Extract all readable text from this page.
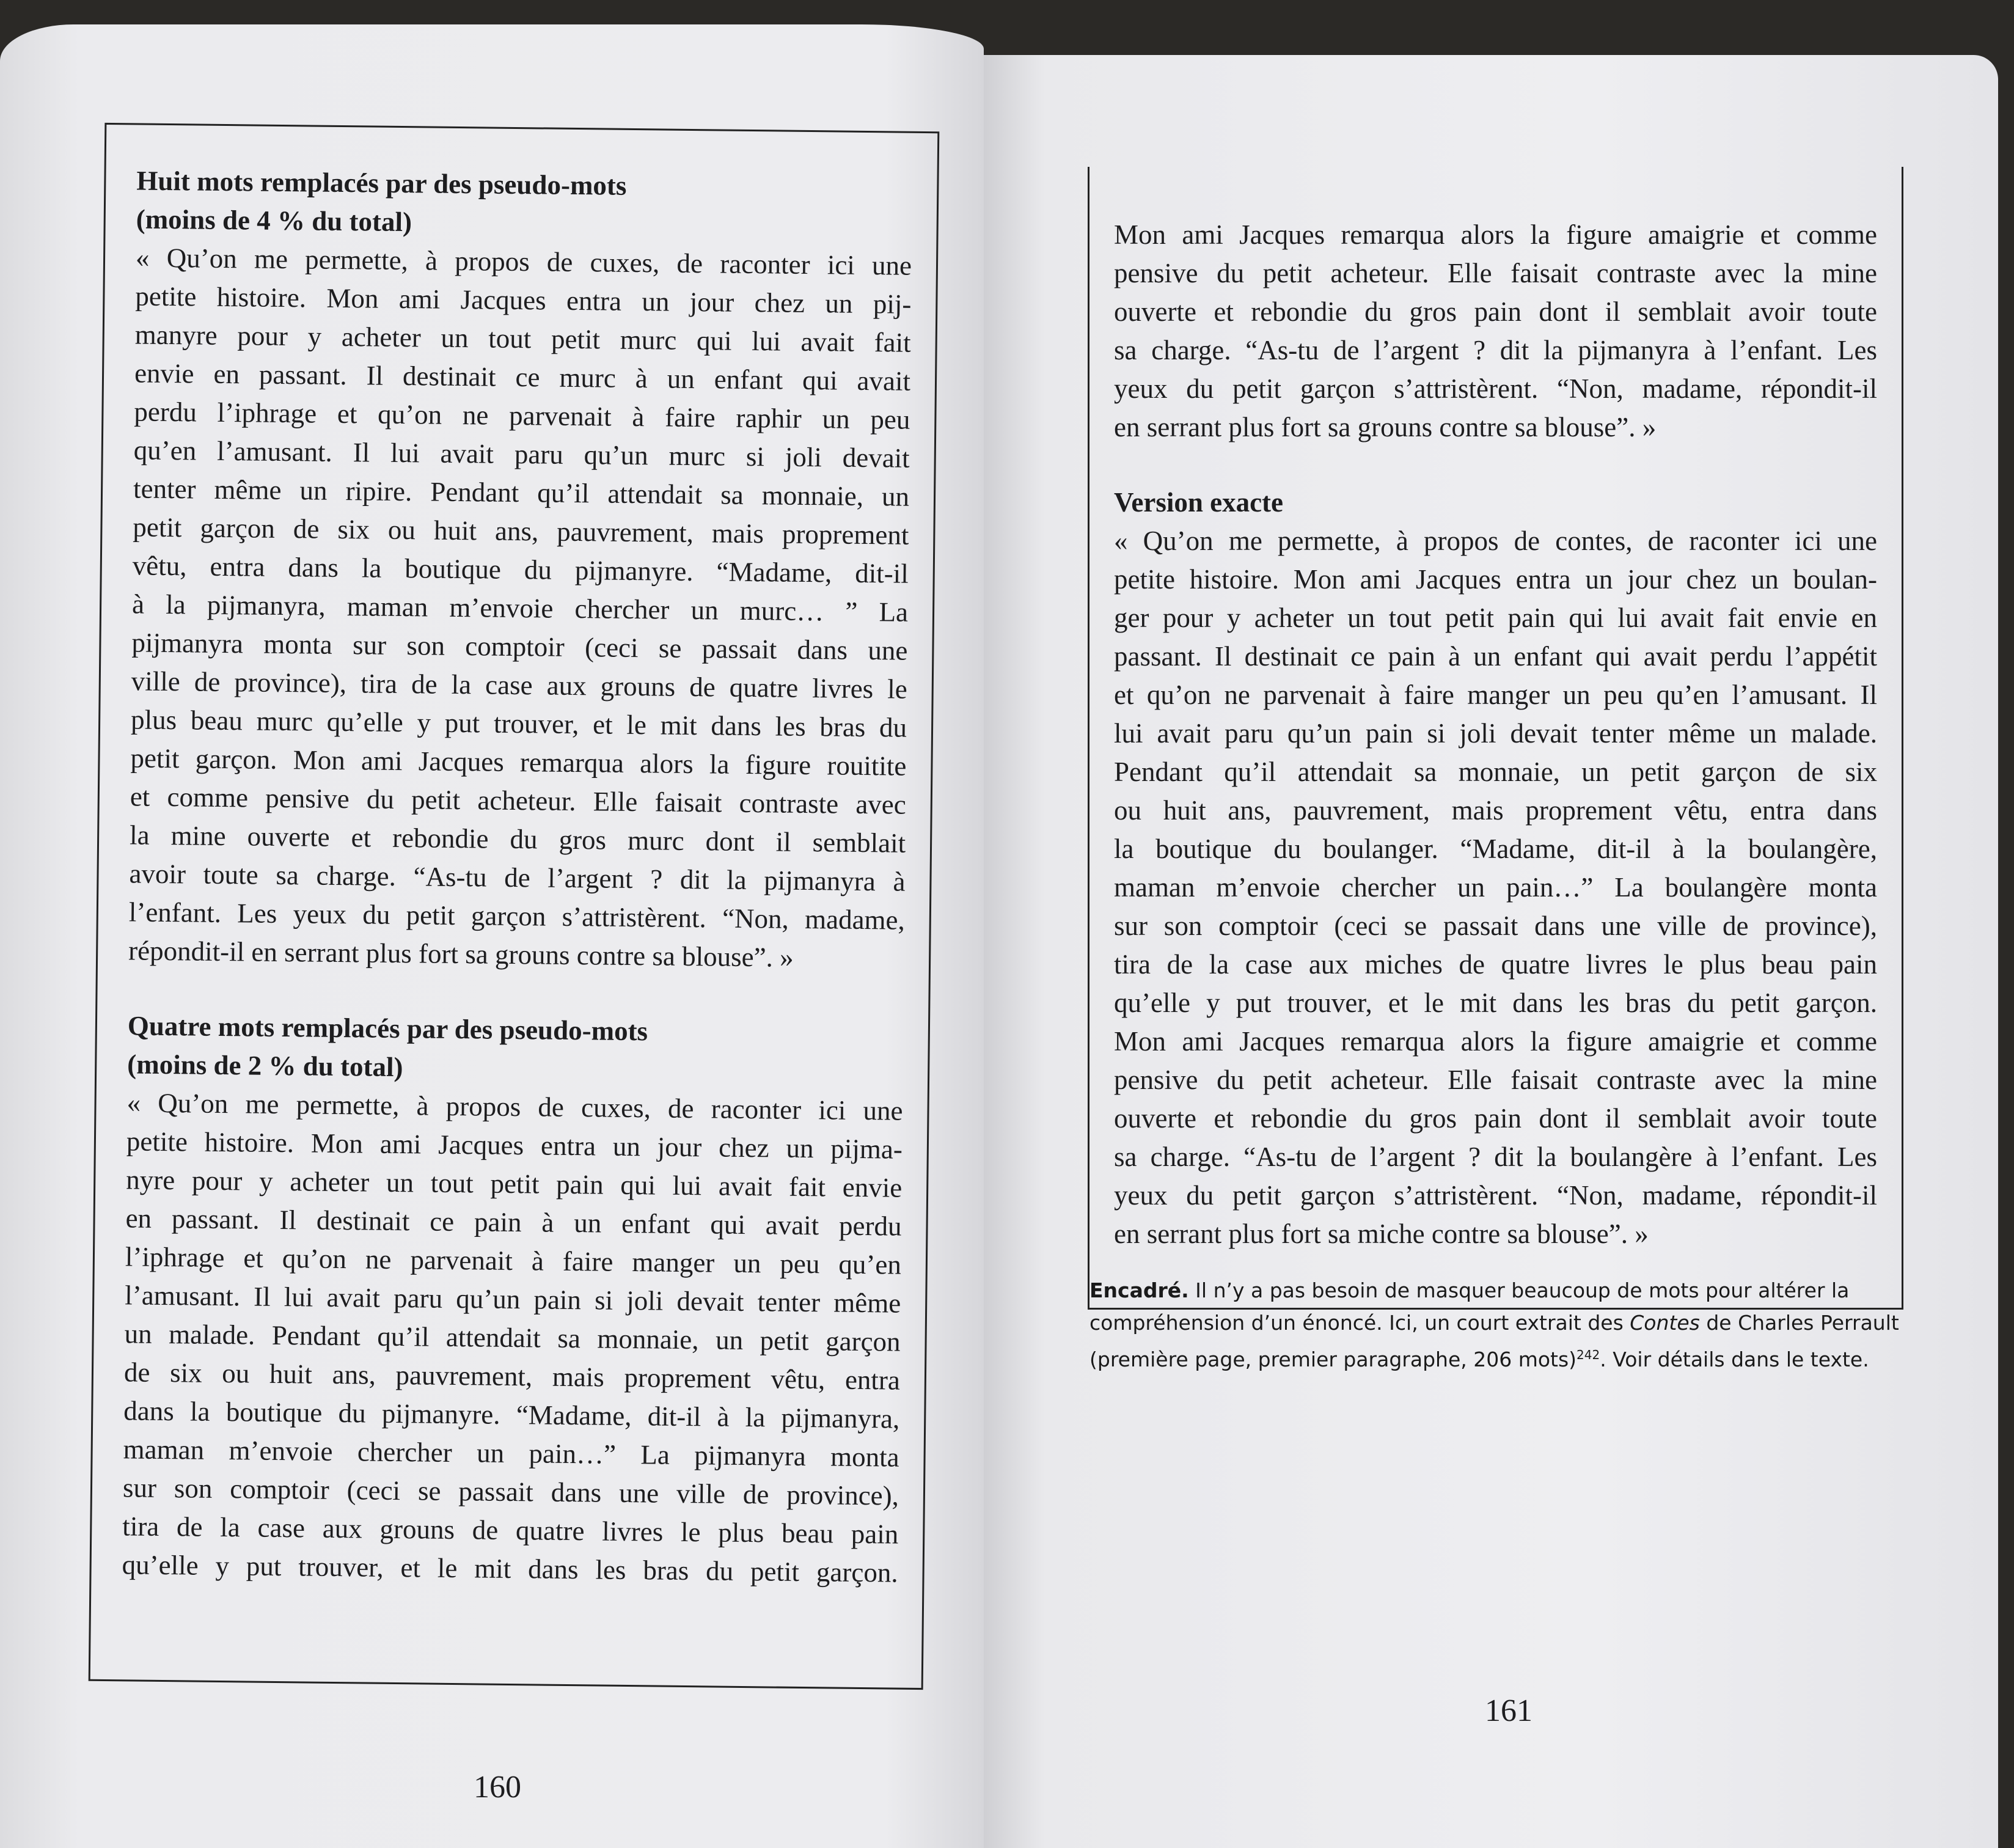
Huit mots remplacés par des pseudo-mots
(moins de 4 % du total)
« Qu’on me permette, à propos de cuxes, de raconter ici une
petite histoire. Mon ami Jacques entra un jour chez un pij-
manyre pour y acheter un tout petit murc qui lui avait fait
envie en passant. Il destinait ce murc à un enfant qui avait
perdu l’iphrage et qu’on ne parvenait à faire raphir un peu
qu’en l’amusant. Il lui avait paru qu’un murc si joli devait
tenter même un ripire. Pendant qu’il attendait sa monnaie, un
petit garçon de six ou huit ans, pauvrement, mais proprement
vêtu, entra dans la boutique du pijmanyre. “Madame, dit-il
à la pijmanyra, maman m’envoie chercher un murc… ” La
pijmanyra monta sur son comptoir (ceci se passait dans une
ville de province), tira de la case aux grouns de quatre livres le
plus beau murc qu’elle y put trouver, et le mit dans les bras du
petit garçon. Mon ami Jacques remarqua alors la figure rouitite
et comme pensive du petit acheteur. Elle faisait contraste avec
la mine ouverte et rebondie du gros murc dont il semblait
avoir toute sa charge. “As-tu de l’argent ? dit la pijmanyra à
l’enfant. Les yeux du petit garçon s’attristèrent. “Non, madame,
répondit-il en serrant plus fort sa grouns contre sa blouse”. »
Quatre mots remplacés par des pseudo-mots
(moins de 2 % du total)
« Qu’on me permette, à propos de cuxes, de raconter ici une
petite histoire. Mon ami Jacques entra un jour chez un pijma-
nyre pour y acheter un tout petit pain qui lui avait fait envie
en passant. Il destinait ce pain à un enfant qui avait perdu
l’iphrage et qu’on ne parvenait à faire manger un peu qu’en
l’amusant. Il lui avait paru qu’un pain si joli devait tenter même
un malade. Pendant qu’il attendait sa monnaie, un petit garçon
de six ou huit ans, pauvrement, mais proprement vêtu, entra
dans la boutique du pijmanyre. “Madame, dit-il à la pijmanyra,
maman m’envoie chercher un pain…” La pijmanyra monta
sur son comptoir (ceci se passait dans une ville de province),
tira de la case aux grouns de quatre livres le plus beau pain
qu’elle y put trouver, et le mit dans les bras du petit garçon.
160
Mon ami Jacques remarqua alors la figure amaigrie et comme
pensive du petit acheteur. Elle faisait contraste avec la mine
ouverte et rebondie du gros pain dont il semblait avoir toute
sa charge. “As-tu de l’argent ? dit la pijmanyra à l’enfant. Les
yeux du petit garçon s’attristèrent. “Non, madame, répondit-il
en serrant plus fort sa grouns contre sa blouse”. »
Version exacte
« Qu’on me permette, à propos de contes, de raconter ici une
petite histoire. Mon ami Jacques entra un jour chez un boulan-
ger pour y acheter un tout petit pain qui lui avait fait envie en
passant. Il destinait ce pain à un enfant qui avait perdu l’appétit
et qu’on ne parvenait à faire manger un peu qu’en l’amusant. Il
lui avait paru qu’un pain si joli devait tenter même un malade.
Pendant qu’il attendait sa monnaie, un petit garçon de six
ou huit ans, pauvrement, mais proprement vêtu, entra dans
la boutique du boulanger. “Madame, dit-il à la boulangère,
maman m’envoie chercher un pain…” La boulangère monta
sur son comptoir (ceci se passait dans une ville de province),
tira de la case aux miches de quatre livres le plus beau pain
qu’elle y put trouver, et le mit dans les bras du petit garçon.
Mon ami Jacques remarqua alors la figure amaigrie et comme
pensive du petit acheteur. Elle faisait contraste avec la mine
ouverte et rebondie du gros pain dont il semblait avoir toute
sa charge. “As-tu de l’argent ? dit la boulangère à l’enfant. Les
yeux du petit garçon s’attristèrent. “Non, madame, répondit-il
en serrant plus fort sa miche contre sa blouse”. »
161
Encadré. Il n’y a pas besoin de masquer beaucoup de mots pour altérer la compréhension d’un énoncé. Ici, un court extrait des Contes de Charles Perrault (première page, premier paragraphe, 206 mots)$^{242}$. Voir détails dans le texte.
